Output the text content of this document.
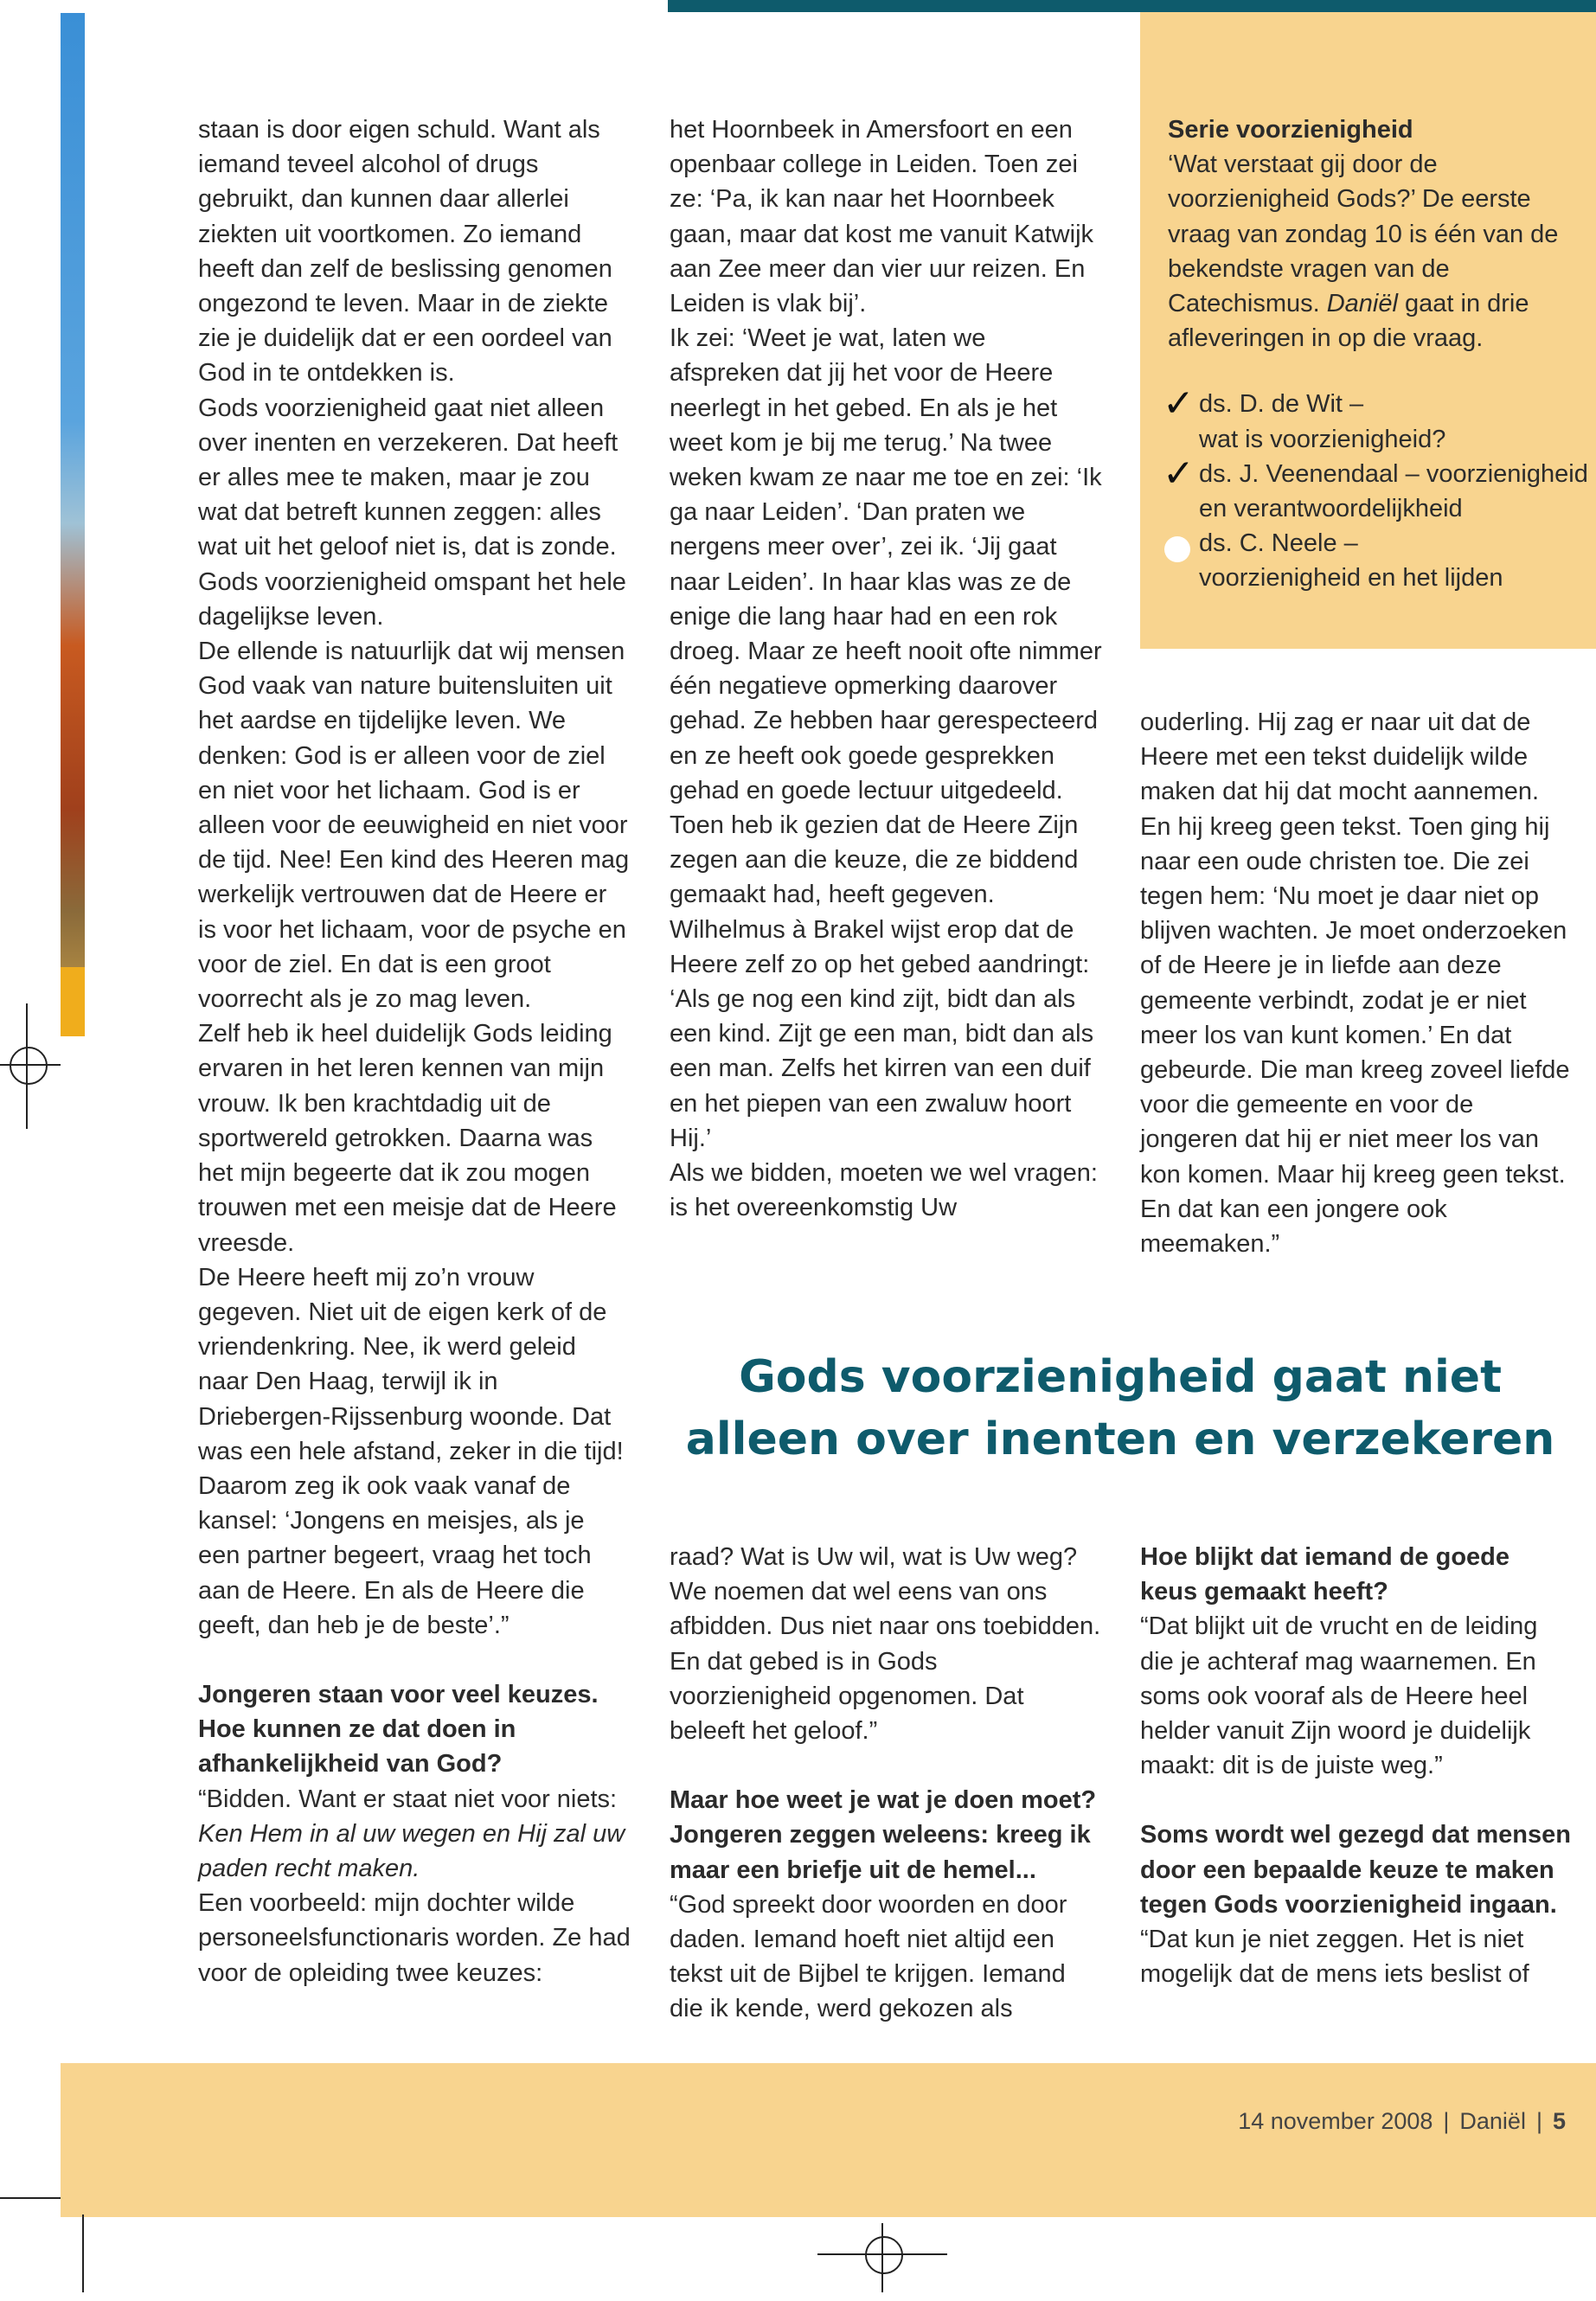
staan is door eigen schuld. Want als iemand teveel alcohol of drugs gebruikt, dan kunnen daar allerlei ziekten uit voortkomen. Zo iemand heeft dan zelf de beslissing genomen ongezond te leven. Maar in de ziekte zie je duidelijk dat er een oordeel van God in te ontdekken is.

Gods voorzienigheid gaat niet alleen over inenten en verzekeren. Dat heeft er alles mee te maken, maar je zou wat dat betreft kunnen zeggen: alles wat uit het geloof niet is, dat is zonde. Gods voorzienigheid omspant het hele dagelijkse leven.

De ellende is natuurlijk dat wij mensen God vaak van nature buitensluiten uit het aardse en tijdelijke leven. We denken: God is er alleen voor de ziel en niet voor het lichaam. God is er alleen voor de eeuwigheid en niet voor de tijd. Nee! Een kind des Heeren mag werkelijk vertrouwen dat de Heere er is voor het lichaam, voor de psyche en voor de ziel. En dat is een groot voorrecht als je zo mag leven.

Zelf heb ik heel duidelijk Gods leiding ervaren in het leren kennen van mijn vrouw. Ik ben krachtdadig uit de sportwereld getrokken. Daarna was het mijn begeerte dat ik zou mogen trouwen met een meisje dat de Heere vreesde.

De Heere heeft mij zo’n vrouw gegeven. Niet uit de eigen kerk of de vriendenkring. Nee, ik werd geleid naar Den Haag, terwijl ik in Driebergen-Rijssenburg woonde. Dat was een hele afstand, zeker in die tijd! Daarom zeg ik ook vaak vanaf de kansel: ‘Jongens en meisjes, als je een partner begeert, vraag het toch aan de Heere. En als de Heere die geeft, dan heb je de beste’.”

Jongeren staan voor veel keuzes. Hoe kunnen ze dat doen in afhankelijkheid van God?

“Bidden. Want er staat niet voor niets: Ken Hem in al uw wegen en Hij zal uw paden recht maken.

Een voorbeeld: mijn dochter wilde personeelsfunctionaris worden. Ze had voor de opleiding twee keuzes:

het Hoornbeek in Amersfoort en een openbaar college in Leiden. Toen zei ze: ‘Pa, ik kan naar het Hoornbeek gaan, maar dat kost me vanuit Katwijk aan Zee meer dan vier uur reizen. En Leiden is vlak bij’.

Ik zei: ‘Weet je wat, laten we afspreken dat jij het voor de Heere neerlegt in het gebed. En als je het weet kom je bij me terug.’ Na twee weken kwam ze naar me toe en zei: ‘Ik ga naar Leiden’. ‘Dan praten we nergens meer over’, zei ik. ‘Jij gaat naar Leiden’. In haar klas was ze de enige die lang haar had en een rok droeg. Maar ze heeft nooit ofte nimmer één negatieve opmerking daarover gehad. Ze hebben haar gerespecteerd en ze heeft ook goede gesprekken gehad en goede lectuur uitgedeeld. Toen heb ik gezien dat de Heere Zijn zegen aan die keuze, die ze biddend gemaakt had, heeft gegeven.

Wilhelmus à Brakel wijst erop dat de Heere zelf zo op het gebed aandringt: ‘Als ge nog een kind zijt, bidt dan als een kind. Zijt ge een man, bidt dan als een man. Zelfs het kirren van een duif en het piepen van een zwaluw hoort Hij.’

Als we bidden, moeten we wel vragen: is het overeenkomstig Uw

Serie voorzienigheid

‘Wat verstaat gij door de voorzienigheid Gods?’ De eerste vraag van zondag 10 is één van de bekendste vragen van de Catechismus. Daniël gaat in drie afleveringen in op die vraag.

✓ ds. D. de Wit –
wat is voorzienigheid?
✓ ds. J. Veenendaal – voorzienigheid en verantwoordelijkheid
ds. C. Neele –
voorzienigheid en het lijden

ouderling. Hij zag er naar uit dat de Heere met een tekst duidelijk wilde maken dat hij dat mocht aannemen. En hij kreeg geen tekst. Toen ging hij naar een oude christen toe. Die zei tegen hem: ‘Nu moet je daar niet op blijven wachten. Je moet onderzoeken of de Heere je in liefde aan deze gemeente verbindt, zodat je er niet meer los van kunt komen.’ En dat gebeurde. Die man kreeg zoveel liefde voor die gemeente en voor de jongeren dat hij er niet meer los van kon komen. Maar hij kreeg geen tekst. En dat kan een jongere ook meemaken.”

Gods voorzienigheid gaat niet alleen over inenten en verzekeren

raad? Wat is Uw wil, wat is Uw weg? We noemen dat wel eens van ons afbidden. Dus niet naar ons toebidden. En dat gebed is in Gods voorzienigheid opgenomen. Dat beleeft het geloof.”

Maar hoe weet je wat je doen moet? Jongeren zeggen weleens: kreeg ik maar een briefje uit de hemel...

“God spreekt door woorden en door daden. Iemand hoeft niet altijd een tekst uit de Bijbel te krijgen. Iemand die ik kende, werd gekozen als

Hoe blijkt dat iemand de goede keus gemaakt heeft?

“Dat blijkt uit de vrucht en de leiding die je achteraf mag waarnemen. En soms ook vooraf als de Heere heel helder vanuit Zijn woord je duidelijk maakt: dit is de juiste weg.”

Soms wordt wel gezegd dat mensen door een bepaalde keuze te maken tegen Gods voorzienigheid ingaan.

“Dat kun je niet zeggen. Het is niet mogelijk dat de mens iets beslist of

14 november 2008 | Daniël | 5
